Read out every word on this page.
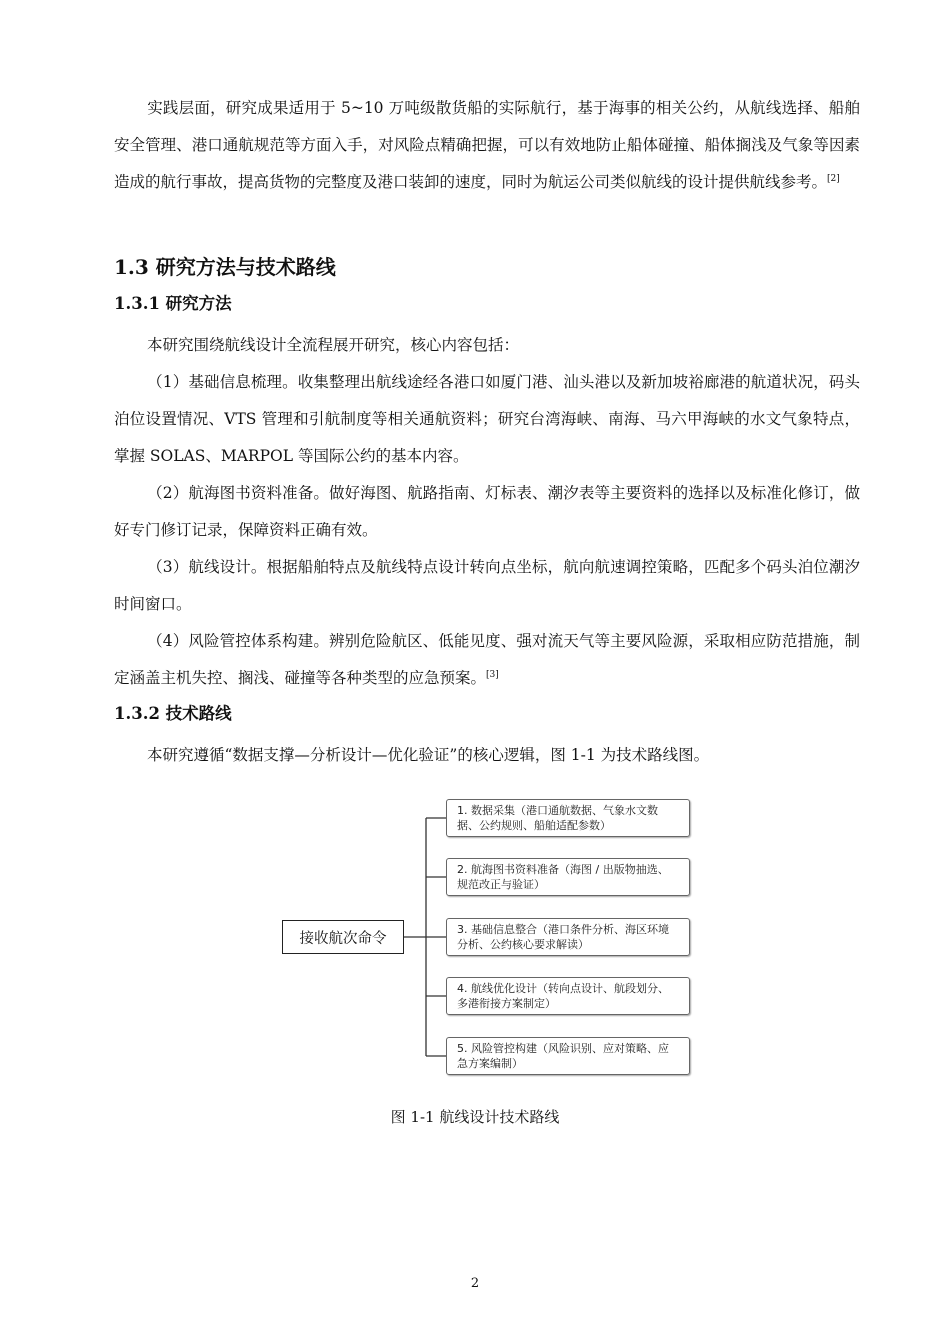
实践层面，研究成果适用于 5~10 万吨级散货船的实际航行，基于海事的相关公约，从航线选择、船舶安全管理、港口通航规范等方面入手，对风险点精确把握，可以有效地防止船体碰撞、船体搁浅及气象等因素造成的航行事故，提高货物的完整度及港口装卸的速度，同时为航运公司类似航线的设计提供航线参考。[2]

1.3 研究方法与技术路线
1.3.1 研究方法

本研究围绕航线设计全流程展开研究，核心内容包括：

（1）基础信息梳理。收集整理出航线途经各港口如厦门港、汕头港以及新加坡裕廊港的航道状况，码头泊位设置情况、VTS 管理和引航制度等相关通航资料；研究台湾海峡、南海、马六甲海峡的水文气象特点，掌握 SOLAS、MARPOL 等国际公约的基本内容。

（2）航海图书资料准备。做好海图、航路指南、灯标表、潮汐表等主要资料的选择以及标准化修订，做好专门修订记录，保障资料正确有效。

（3）航线设计。根据船舶特点及航线特点设计转向点坐标，航向航速调控策略，匹配多个码头泊位潮汐时间窗口。

（4）风险管控体系构建。辨别危险航区、低能见度、强对流天气等主要风险源，采取相应防范措施，制定涵盖主机失控、搁浅、碰撞等各种类型的应急预案。[3]

1.3.2 技术路线

本研究遵循“数据支撑—分析设计—优化验证”的核心逻辑，图 1-1 为技术路线图。

接收航次命令
1. 数据采集（港口通航数据、气象水文数据、公约规则、船舶适配参数）
2. 航海图书资料准备（海图 / 出版物抽选、规范改正与验证）
3. 基础信息整合（港口条件分析、海区环境分析、公约核心要求解读）
4. 航线优化设计（转向点设计、航段划分、多港衔接方案制定）
5. 风险管控构建（风险识别、应对策略、应急方案编制）

图 1-1 航线设计技术路线

2
